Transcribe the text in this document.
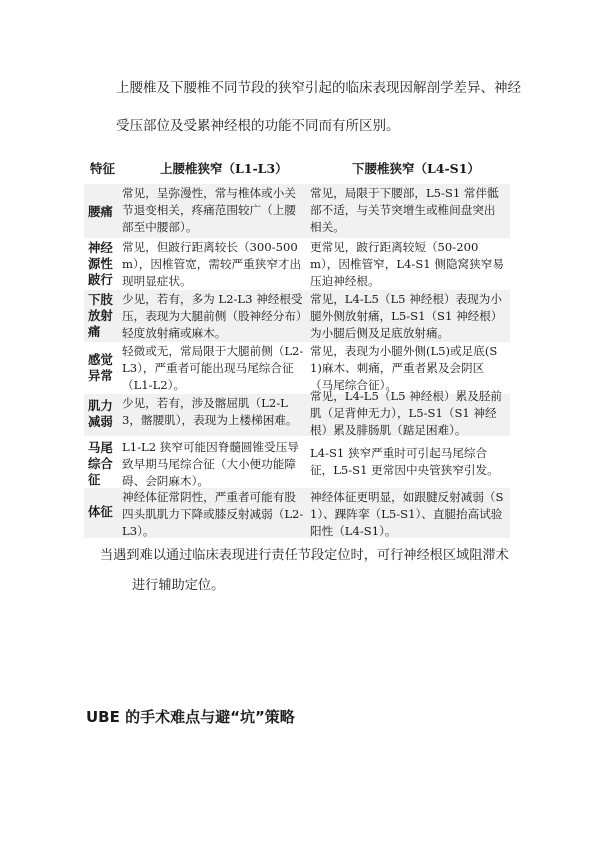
上腰椎及下腰椎不同节段的狭窄引起的临床表现因解剖学差异、神经
受压部位及受累神经根的功能不同而有所区别。
特征	上腰椎狭窄（L1-L3）	下腰椎狭窄（L4-S1）
腰痛
常见，呈弥漫性，常与椎体或小关节退变相关，疼痛范围较广（上腰部至中腰部）。
常见，局限于下腰部，L5-S1 常伴骶部不适，与关节突增生或椎间盘突出相关。
神经源性跛行
常见，但跛行距离较长（300-500 m），因椎管宽，需较严重狭窄才出现明显症状。
更常见，跛行距离较短（50-200 m），因椎管窄，L4-S1 侧隐窝狭窄易压迫神经根。
下肢放射痛
少见，若有，多为 L2-L3 神经根受压，表现为大腿前侧（股神经分布）轻度放射痛或麻木。
常见，L4-L5（L5 神经根）表现为小腿外侧放射痛，L5-S1（S1 神经根）为小腿后侧及足底放射痛。
感觉异常
轻微或无，常局限于大腿前侧（L2-L3），严重者可能出现马尾综合征（L1-L2）。
常见，表现为小腿外侧(L5)或足底(S1)麻木、刺痛，严重者累及会阴区（马尾综合征）。
肌力减弱
少见，若有，涉及髂屈肌（L2-L3，髂腰肌），表现为上楼梯困难。
常见，L4-L5（L5 神经根）累及胫前肌（足背伸无力），L5-S1（S1 神经根）累及腓肠肌（踮足困难）。
马尾综合征
L1-L2 狭窄可能因脊髓圆锥受压导致早期马尾综合征（大小便功能障碍、会阴麻木）。
L4-S1 狭窄严重时可引起马尾综合征，L5-S1 更常因中央管狭窄引发。
体征
神经体征常阴性，严重者可能有股四头肌肌力下降或膝反射减弱（L2-L3）。
神经体征更明显，如跟腱反射减弱（S1）、踝阵挛（L5-S1）、直腿抬高试验阳性（L4-S1）。
当遇到难以通过临床表现进行责任节段定位时，可行神经根区域阻滞术
进行辅助定位。
UBE 的手术难点与避“坑”策略
